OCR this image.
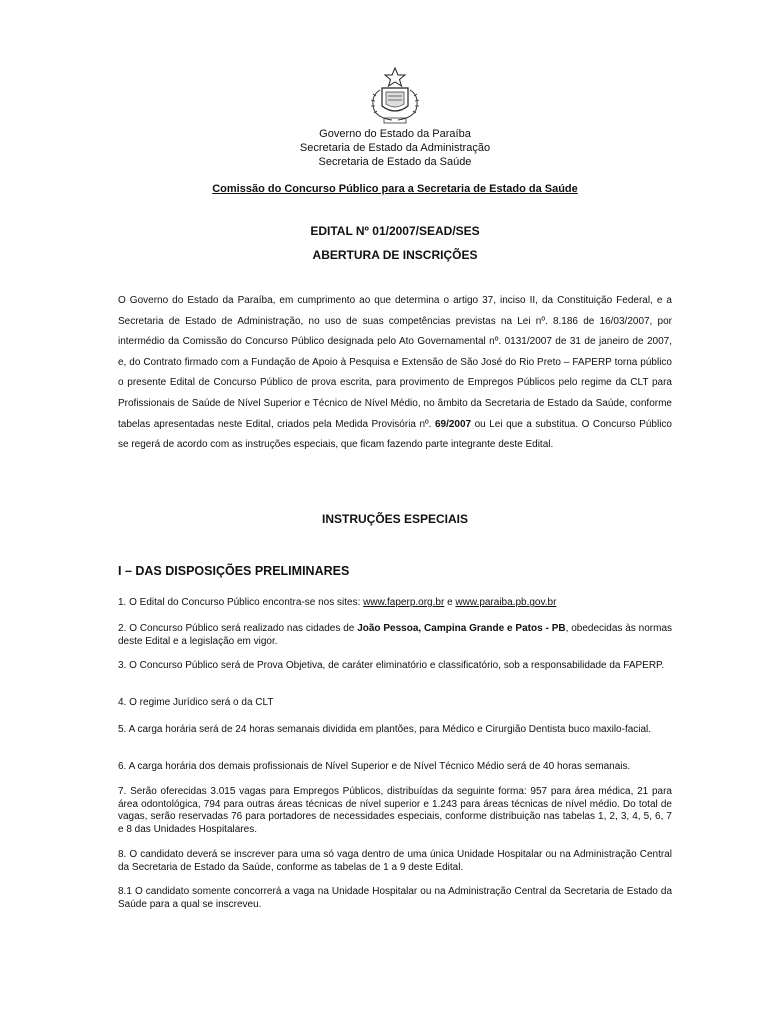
Governo do Estado da Paraíba
Secretaria de Estado da Administração
Secretaria de Estado da Saúde
Comissão do Concurso Público para a Secretaria de Estado da Saúde
EDITAL Nº 01/2007/SEAD/SES
ABERTURA DE INSCRIÇÕES

O Governo do Estado da Paraíba, em cumprimento ao que determina o artigo 37, inciso II, da Constituição Federal, e a Secretaria de Estado de Administração, no uso de suas competências previstas na Lei nº. 8.186 de 16/03/2007, por intermédio da Comissão do Concurso Público designada pelo Ato Governamental nº. 0131/2007 de 31 de janeiro de 2007, e, do Contrato firmado com a Fundação de Apoio à Pesquisa e Extensão de São José do Rio Preto – FAPERP torna público o presente Edital de Concurso Público de prova escrita, para provimento de Empregos Públicos pelo regime da CLT para Profissionais de Saúde de Nível Superior e Técnico de Nível Médio, no âmbito da Secretaria de Estado da Saúde, conforme tabelas apresentadas neste Edital, criados pela Medida Provisória nº. 69/2007 ou Lei que a substitua. O Concurso Público se regerá de acordo com as instruções especiais, que ficam fazendo parte integrante deste Edital.

INSTRUÇÕES ESPECIAIS
I – DAS DISPOSIÇÕES PRELIMINARES

1. O Edital do Concurso Público encontra-se nos sites: www.faperp.org.br e www.paraiba.pb.gov.br

2. O Concurso Público será realizado nas cidades de João Pessoa, Campina Grande e Patos - PB, obedecidas às normas deste Edital e a legislação em vigor.

3. O Concurso Público será de Prova Objetiva, de caráter eliminatório e classificatório, sob a responsabilidade da FAPERP.

4. O regime Jurídico será o da CLT

5. A carga horária será de 24 horas semanais dividida em plantões, para Médico e Cirurgião Dentista buco maxilo-facial.

6. A carga horária dos demais profissionais de Nível Superior e de Nível Técnico Médio será de 40 horas semanais.

7. Serão oferecidas 3.015 vagas para Empregos Públicos, distribuídas da seguinte forma: 957 para área médica, 21 para área odontológica, 794 para outras áreas técnicas de nível superior e 1.243 para áreas técnicas de nível médio. Do total de vagas, serão reservadas 76 para portadores de necessidades especiais, conforme distribuição nas tabelas 1, 2, 3, 4, 5, 6, 7 e 8 das Unidades Hospitalares.

8. O candidato deverá se inscrever para uma só vaga dentro de uma única Unidade Hospitalar ou na Administração Central da Secretaria de Estado da Saúde, conforme as tabelas de 1 a 9 deste Edital.

8.1 O candidato somente concorrerá a vaga na Unidade Hospitalar ou na Administração Central da Secretaria de Estado da Saúde para a qual se inscreveu.
